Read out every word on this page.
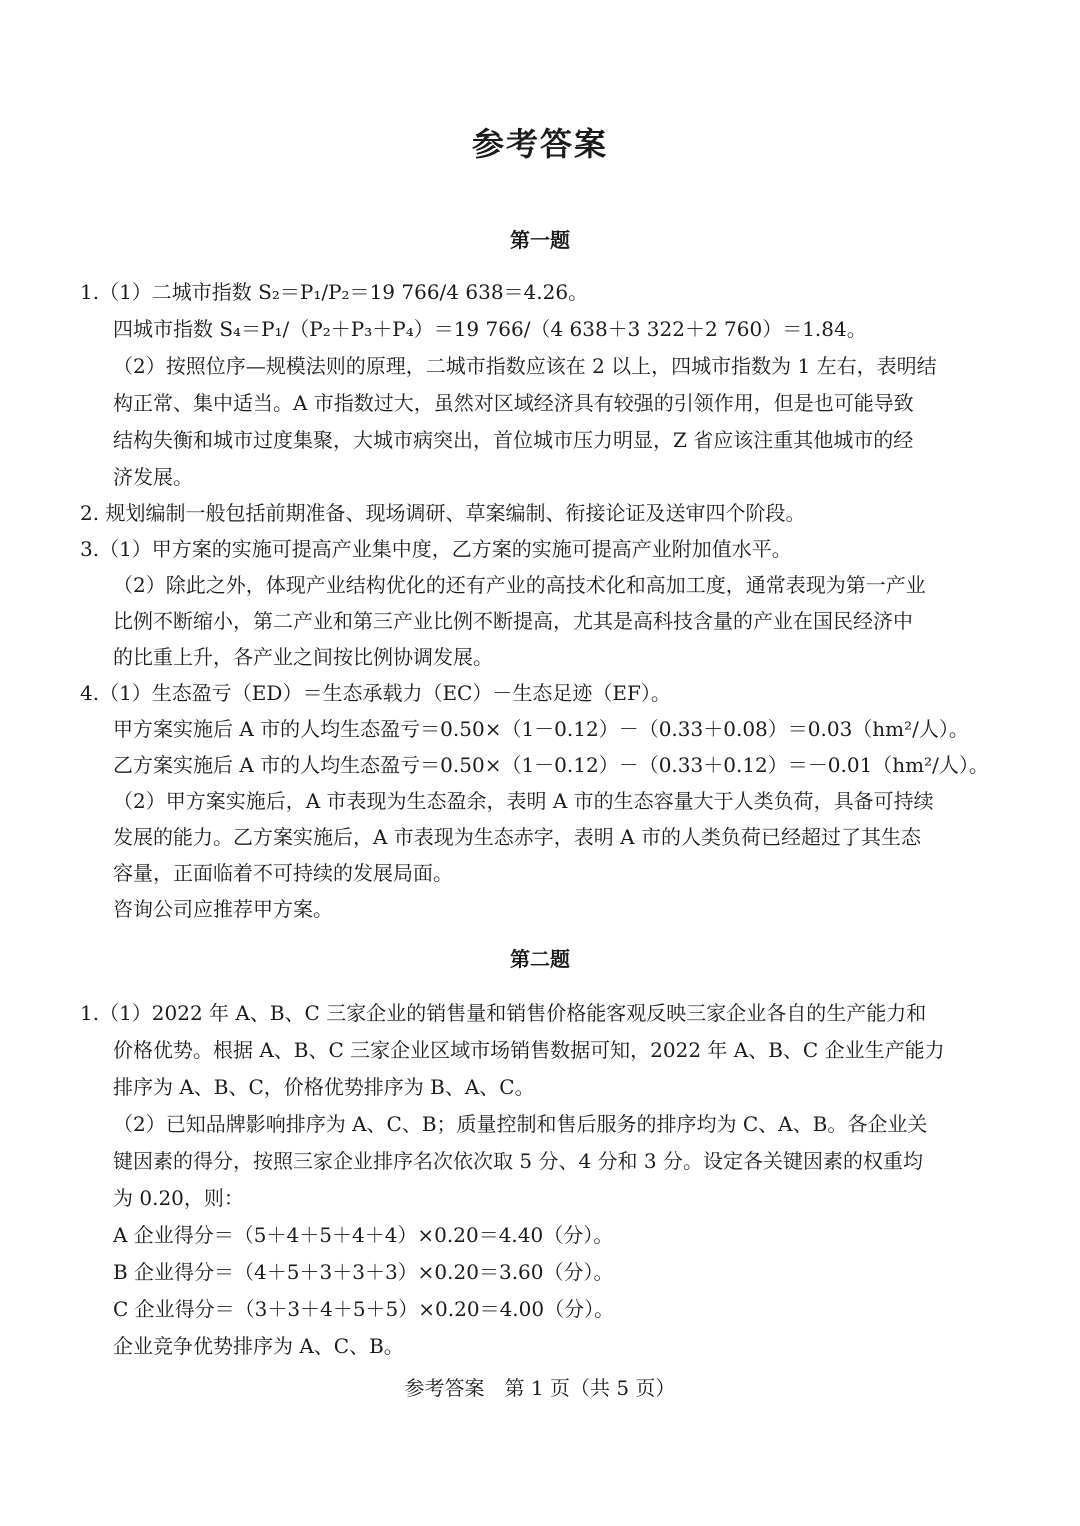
参考答案
第一题
1.（1）二城市指数 S₂＝P₁/P₂＝19 766/4 638＝4.26。
四城市指数 S₄＝P₁/（P₂＋P₃＋P₄）＝19 766/（4 638＋3 322＋2 760）＝1.84。
（2）按照位序—规模法则的原理，二城市指数应该在 2 以上，四城市指数为 1 左右，表明结
构正常、集中适当。A 市指数过大，虽然对区域经济具有较强的引领作用，但是也可能导致
结构失衡和城市过度集聚，大城市病突出，首位城市压力明显，Z 省应该注重其他城市的经
济发展。
2. 规划编制一般包括前期准备、现场调研、草案编制、衔接论证及送审四个阶段。
3.（1）甲方案的实施可提高产业集中度，乙方案的实施可提高产业附加值水平。
（2）除此之外，体现产业结构优化的还有产业的高技术化和高加工度，通常表现为第一产业
比例不断缩小，第二产业和第三产业比例不断提高，尤其是高科技含量的产业在国民经济中
的比重上升，各产业之间按比例协调发展。
4.（1）生态盈亏（ED）＝生态承载力（EC）－生态足迹（EF）。
甲方案实施后 A 市的人均生态盈亏＝0.50×（1－0.12）－（0.33＋0.08）＝0.03（hm²/人）。
乙方案实施后 A 市的人均生态盈亏＝0.50×（1－0.12）－（0.33＋0.12）＝－0.01（hm²/人）。
（2）甲方案实施后，A 市表现为生态盈余，表明 A 市的生态容量大于人类负荷，具备可持续
发展的能力。乙方案实施后，A 市表现为生态赤字，表明 A 市的人类负荷已经超过了其生态
容量，正面临着不可持续的发展局面。
咨询公司应推荐甲方案。
第二题
1.（1）2022 年 A、B、C 三家企业的销售量和销售价格能客观反映三家企业各自的生产能力和
价格优势。根据 A、B、C 三家企业区域市场销售数据可知，2022 年 A、B、C 企业生产能力
排序为 A、B、C，价格优势排序为 B、A、C。
（2）已知品牌影响排序为 A、C、B；质量控制和售后服务的排序均为 C、A、B。各企业关
键因素的得分，按照三家企业排序名次依次取 5 分、4 分和 3 分。设定各关键因素的权重均
为 0.20，则：
A 企业得分＝（5＋4＋5＋4＋4）×0.20＝4.40（分）。
B 企业得分＝（4＋5＋3＋3＋3）×0.20＝3.60（分）。
C 企业得分＝（3＋3＋4＋5＋5）×0.20＝4.00（分）。
企业竞争优势排序为 A、C、B。
参考答案　第 1 页（共 5 页）
